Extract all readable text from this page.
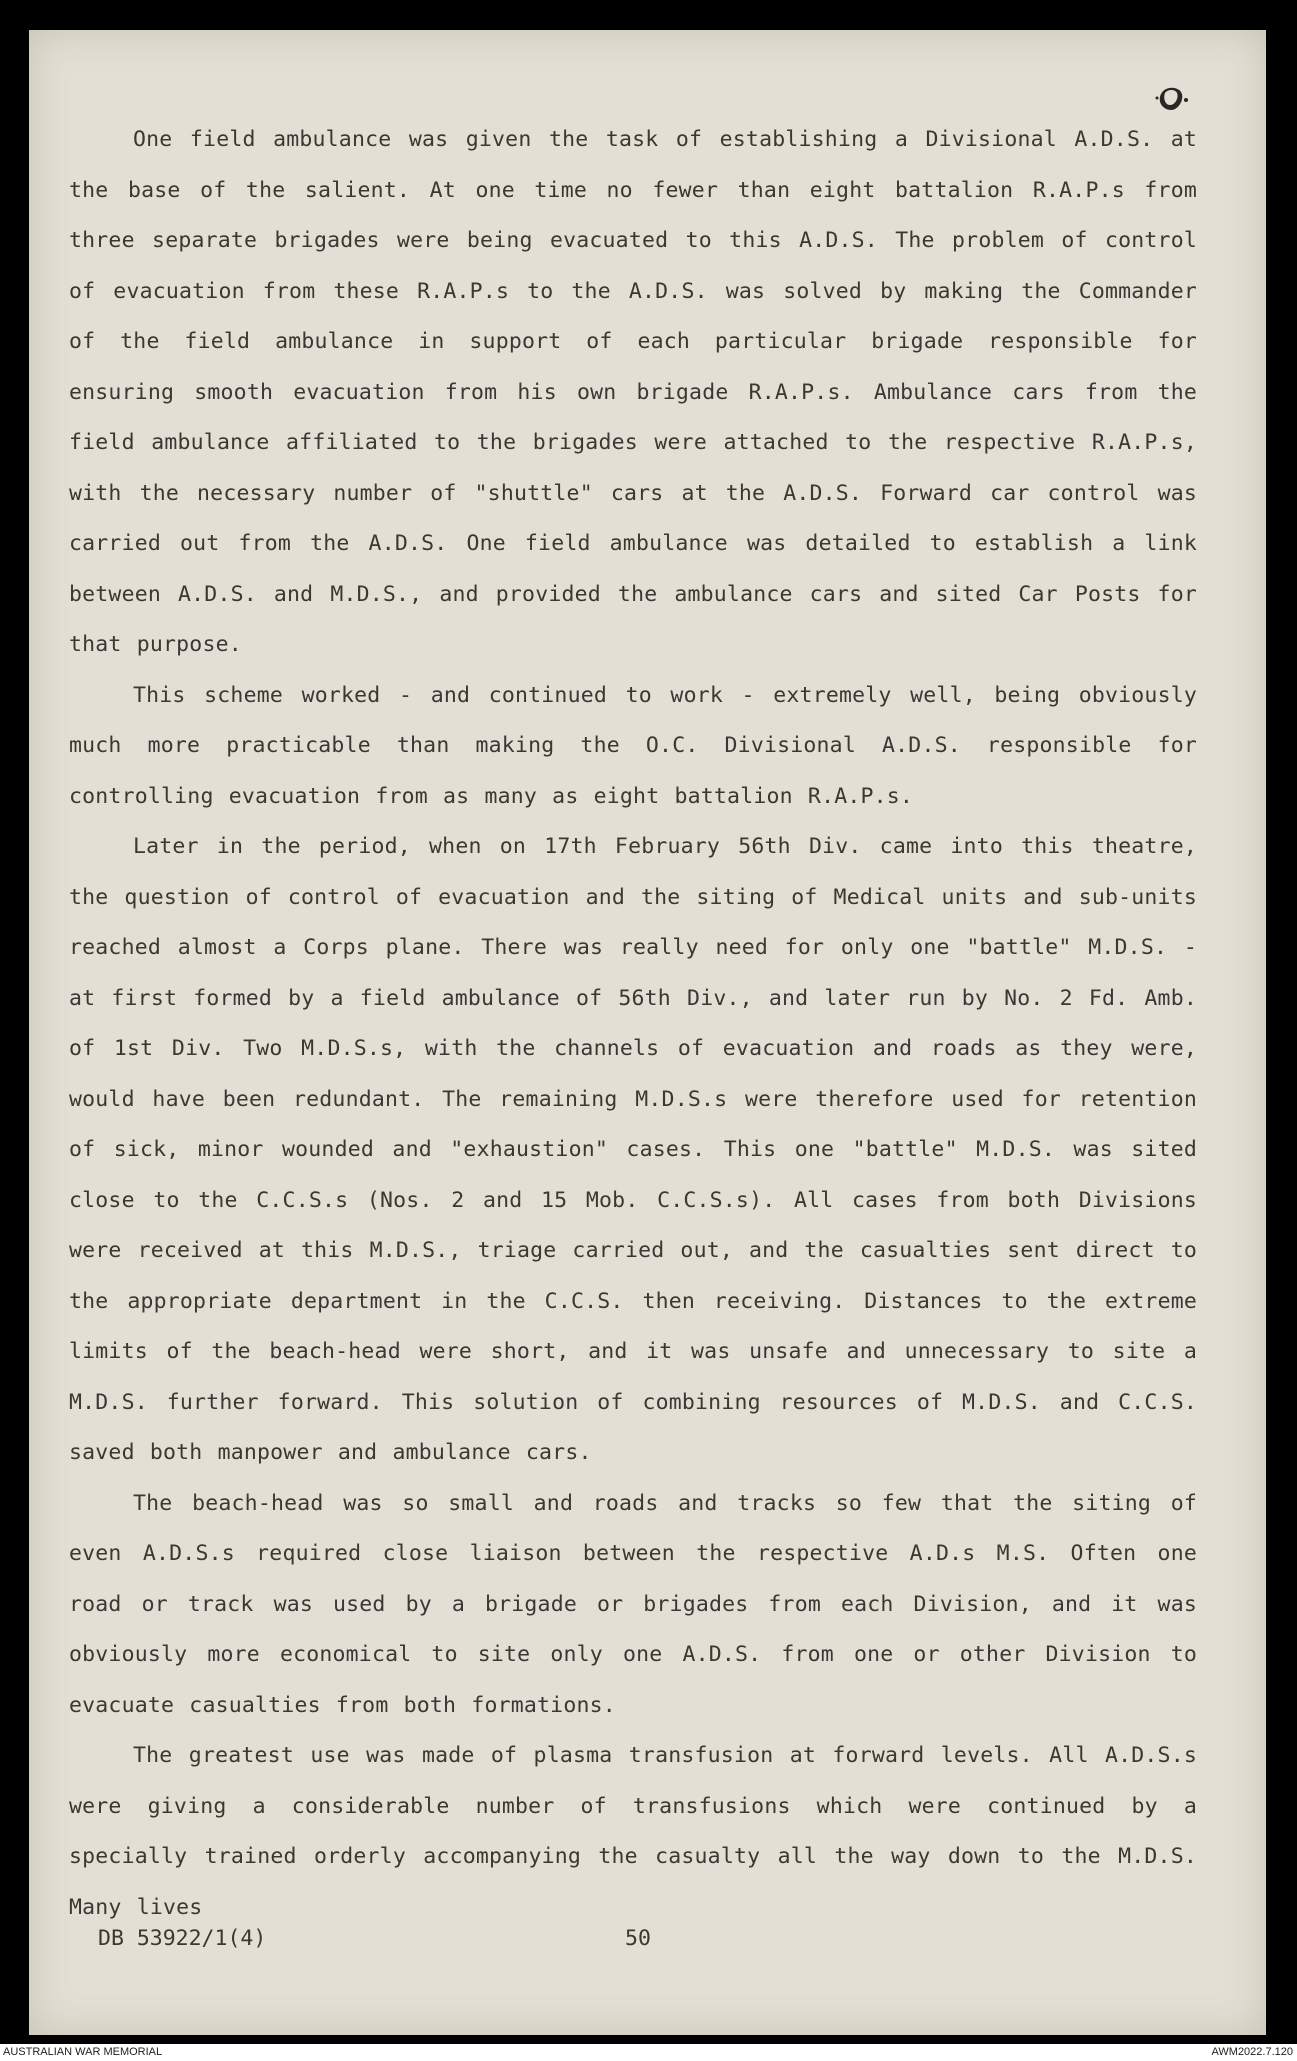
One field ambulance was given the task of establishing a Divisional A.D.S. at the base of the salient. At one time no fewer than eight battalion R.A.P.s from three separate brigades were being evacuated to this A.D.S. The problem of control of evacuation from these R.A.P.s to the A.D.S. was solved by making the Commander of the field ambulance in support of each particular brigade responsible for ensuring smooth evacuation from his own brigade R.A.P.s. Ambulance cars from the field ambulance affiliated to the brigades were attached to the respective R.A.P.s, with the necessary number of "shuttle" cars at the A.D.S. Forward car control was carried out from the A.D.S. One field ambulance was detailed to establish a link between A.D.S. and M.D.S., and provided the ambulance cars and sited Car Posts for that purpose.

This scheme worked - and continued to work - extremely well, being obviously much more practicable than making the O.C. Divisional A.D.S. responsible for controlling evacuation from as many as eight battalion R.A.P.s.

Later in the period, when on 17th February 56th Div. came into this theatre, the question of control of evacuation and the siting of Medical units and sub-units reached almost a Corps plane. There was really need for only one "battle" M.D.S. - at first formed by a field ambulance of 56th Div., and later run by No. 2 Fd. Amb. of 1st Div. Two M.D.S.s, with the channels of evacuation and roads as they were, would have been redundant. The remaining M.D.S.s were therefore used for retention of sick, minor wounded and "exhaustion" cases. This one "battle" M.D.S. was sited close to the C.C.S.s (Nos. 2 and 15 Mob. C.C.S.s). All cases from both Divisions were received at this M.D.S., triage carried out, and the casualties sent direct to the appropriate department in the C.C.S. then receiving. Distances to the extreme limits of the beach-head were short, and it was unsafe and unnecessary to site a M.D.S. further forward. This solution of combining resources of M.D.S. and C.C.S. saved both manpower and ambulance cars.

The beach-head was so small and roads and tracks so few that the siting of even A.D.S.s required close liaison between the respective A.D.s M.S. Often one road or track was used by a brigade or brigades from each Division, and it was obviously more economical to site only one A.D.S. from one or other Division to evacuate casualties from both formations.

The greatest use was made of plasma transfusion at forward levels. All A.D.S.s were giving a considerable number of transfusions which were continued by a specially trained orderly accompanying the casualty all the way down to the M.D.S. Many lives

DB 53922/1(4)	50
AUSTRALIAN WAR MEMORIAL	AWM2022.7.120
